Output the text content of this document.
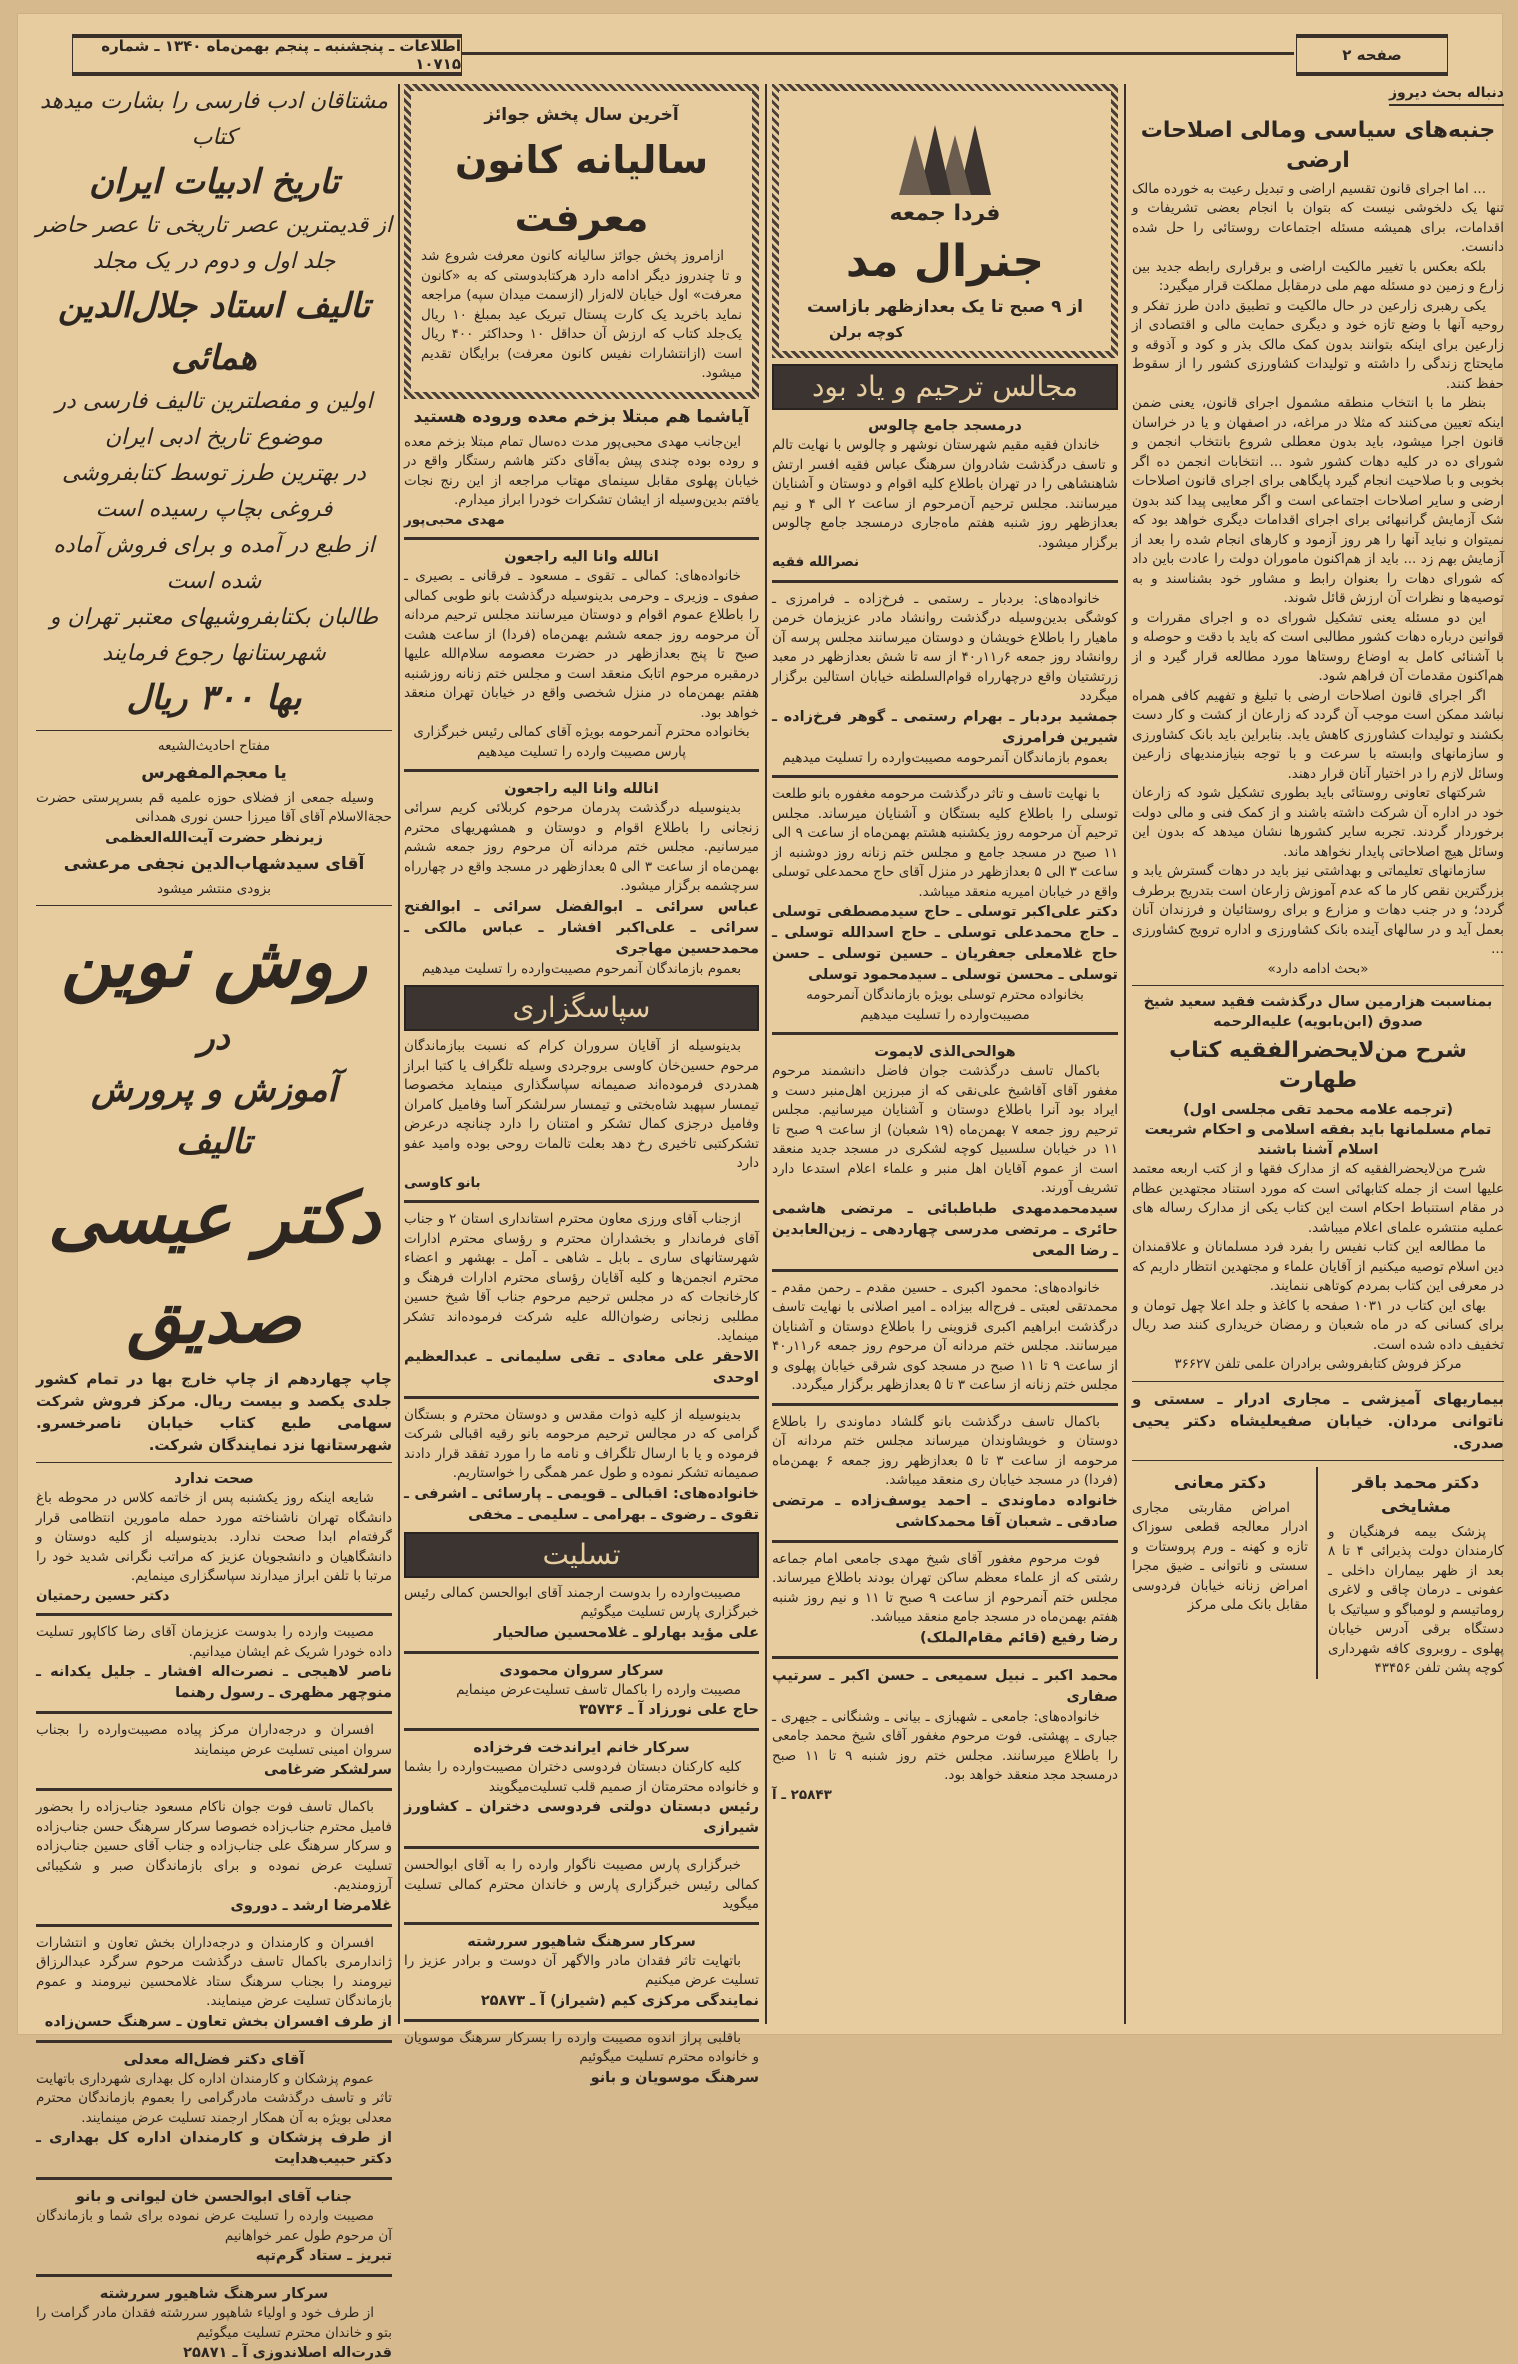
اطلاعات ـ پنجشنبه ـ پنجم بهمن‌ماه ۱۳۴۰ ـ شماره ۱۰۷۱۵	صفحه ۲
دنباله بحث دیروز
جنبه‌های سیاسی ومالی اصلاحات ارضی
... اما اجرای قانون تقسیم اراضی و تبدیل رعیت به خورده مالک تنها یک دلخوشی نیست که بتوان با انجام بعضی تشریفات و اقدامات، برای همیشه مسئله اجتماعات روستائی را حل شده دانست.
بلکه بعکس با تغییر مالکیت اراضی و برقراری رابطه جدید بین زارع و زمین دو مسئله مهم ملی درمقابل مملکت قرار میگیرد:
یکی رهبری زارعین در حال مالکیت و تطبیق دادن طرز تفکر و روحیه آنها با وضع تازه خود و دیگری حمایت مالی و اقتصادی از زارعین برای اینکه بتوانند بدون کمک مالک بذر و کود و آذوقه و مایحتاج زندگی را داشته و تولیدات کشاورزی کشور را از سقوط حفظ کنند.
بنظر ما با انتخاب منطقه مشمول اجرای قانون، یعنی ضمن اینکه تعیین می‌کنند که مثلا در مراغه، در اصفهان و یا در خراسان قانون اجرا میشود، باید بدون معطلی شروع بانتخاب انجمن و شورای ده در کلیه دهات کشور شود ... انتخابات انجمن ده اگر بخوبی و با صلاحیت انجام گیرد پایگاهی برای اجرای قانون اصلاحات ارضی و سایر اصلاحات اجتماعی است و اگر معایبی پیدا کند بدون شک آزمایش گرانبهائی برای اجرای اقدامات دیگری خواهد بود که نمیتوان و نباید آنها را هر روز آزمود و کارهای انجام شده را بعد از آزمایش بهم زد ... باید از هم‌اکنون ماموران دولت را عادت باین داد که شورای دهات را بعنوان رابط و مشاور خود بشناسند و به توصیه‌ها و نظرات آن ارزش قائل شوند.
این دو مسئله یعنی تشکیل شورای ده و اجرای مقررات و قوانین درباره دهات کشور مطالبی است که باید با دقت و حوصله و با آشنائی کامل به اوضاع روستاها مورد مطالعه قرار گیرد و از هم‌اکنون مقدمات آن فراهم شود.
اگر اجرای قانون اصلاحات ارضی با تبلیغ و تفهیم کافی همراه نباشد ممکن است موجب آن گردد که زارعان از کشت و کار دست بکشند و تولیدات کشاورزی کاهش یابد. بنابراین باید بانک کشاورزی و سازمانهای وابسته با سرعت و با توجه بنیازمندیهای زارعین وسائل لازم را در اختیار آنان قرار دهند.
شرکتهای تعاونی روستائی باید بطوری تشکیل شود که زارعان خود در اداره آن شرکت داشته باشند و از کمک فنی و مالی دولت برخوردار گردند. تجربه سایر کشورها نشان میدهد که بدون این وسائل هیچ اصلاحاتی پایدار نخواهد ماند.
سازمانهای تعلیماتی و بهداشتی نیز باید در دهات گسترش یابد و بزرگترین نقص کار ما که عدم آموزش زارعان است بتدریج برطرف گردد؛ و در جنب دهات و مزارع و برای روستائیان و فرزندان آنان بعمل آید و در سالهای آینده بانک کشاورزی و اداره ترویج کشاورزی ...
«بحث ادامه دارد»
بمناسبت هزارمین سال درگذشت فقید سعید شیخ صدوق (ابن‌بابویه) علیه‌الرحمه
شرح من‌لایحضرالفقیه کتاب طهارت
(ترجمه علامه محمد تقی مجلسی اول)
تمام مسلمانها باید بفقه اسلامی و احکام شریعت اسلام آشنا باشند
شرح من‌لایحضرالفقیه که از مدارک فقها و از کتب اربعه معتمد علیها است از جمله کتابهائی است که مورد استناد مجتهدین عظام در مقام استنباط احکام است این کتاب یکی از مدارک رساله های عملیه منتشره علمای اعلام میباشد.
ما مطالعه این کتاب نفیس را بفرد فرد مسلمانان و علاقمندان دین اسلام توصیه میکنیم از آقایان علماء و مجتهدین انتظار داریم که در معرفی این کتاب بمردم کوتاهی ننمایند.
بهای این کتاب در ۱۰۳۱ صفحه با کاغذ و جلد اعلا چهل تومان و برای کسانی که در ماه شعبان و رمضان خریداری کنند صد ریال تخفیف داده شده است.
مرکز فروش کتابفروشی برادران علمی تلفن ۳۶۶۲۷
بیماریهای آمیزشی ـ مجاری ادرار ـ سستی و ناتوانی مردان. خیابان صفیعلیشاه دکتر یحیی صدری.
دکتر محمد باقر مشایخی
پزشک بیمه فرهنگیان و کارمندان دولت پذیرائی ۴ تا ۸ بعد از ظهر بیماران داخلی ـ عفونی ـ درمان چاقی و لاغری روماتیسم و لومباگو و سیاتیک با دستگاه برقی آدرس خیابان پهلوی ـ روبروی کافه شهرداری کوچه پشن تلفن ۴۳۴۵۶
دکتر معانی
امراض مقاربتی مجاری ادرار معالجه قطعی سوزاک تازه و کهنه ـ ورم پروستات و سستی و ناتوانی ـ ضیق مجرا امراض زنانه خیابان فردوسی مقابل بانک ملی مرکز
فردا جمعه
جنرال مد
از ۹ صبح تا یک بعدازظهر بازاست
کوچه برلن
مجالس ترحیم و یاد بود
درمسجد جامع چالوس
خاندان فقیه مقیم شهرستان نوشهر و چالوس با نهایت تالم و تاسف درگذشت شادروان سرهنگ عباس فقیه افسر ارتش شاهنشاهی را در تهران باطلاع کلیه اقوام و دوستان و آشنایان میرسانند. مجلس ترحیم آن‌مرحوم از ساعت ۲ الی ۴ و نیم بعدازظهر روز شنبه هفتم ماه‌جاری درمسجد جامع چالوس برگزار میشود.
نصرالله فقیه
خانواده‌های: بردبار ـ رستمی ـ فرخ‌زاده ـ فرامرزی ـ کوشگی بدین‌وسیله درگذشت روانشاد مادر عزیزمان خرمن ماهیار را باطلاع خویشان و دوستان میرسانند مجلس پرسه آن روانشاد روز جمعه ۶ر۱۱ر۴۰ از سه تا شش بعدازظهر در معبد زرتشتیان واقع درچهارراه قوام‌السلطنه خیابان استالین برگزار میگردد
جمشید بردبار ـ بهرام رستمی ـ گوهر فرخ‌زاده ـ شیرین فرامرزی
بعموم بازماندگان آنمرحومه مصیبت‌وارده را تسلیت میدهیم
با نهایت تاسف و تاثر درگذشت مرحومه مغفوره بانو طلعت توسلی را باطلاع کلیه بستگان و آشنایان میرساند. مجلس ترحیم آن مرحومه روز یکشنبه هشتم بهمن‌ماه از ساعت ۹ الی ۱۱ صبح در مسجد جامع و مجلس ختم زنانه روز دوشنبه از ساعت ۳ الی ۵ بعدازظهر در منزل آقای حاج محمدعلی توسلی واقع در خیابان امیریه منعقد میباشد.
دکتر علی‌اکبر توسلی ـ حاج سیدمصطفی توسلی ـ حاج محمدعلی توسلی ـ حاج اسدالله توسلی ـ حاج غلامعلی جعفریان ـ حسین توسلی ـ حسن توسلی ـ محسن توسلی ـ سیدمحمود توسلی
بخانواده محترم توسلی بویژه بازماندگان آنمرحومه مصیبت‌وارده را تسلیت میدهیم
هوالحی‌الذی لایموت
باکمال تاسف درگذشت جوان فاضل دانشمند مرحوم مغفور آقای آقاشیخ علی‌نقی که از مبرزین اهل‌منبر دست و ایراد بود آنرا باطلاع دوستان و آشنایان میرسانیم. مجلس ترحیم روز جمعه ۷ بهمن‌ماه (۱۹ شعبان) از ساعت ۹ صبح تا ۱۱ در خیابان سلسبیل کوچه لشکری در مسجد جدید منعقد است از عموم آقایان اهل منبر و علماء اعلام استدعا دارد تشریف آورند.
سیدمحمدمهدی طباطبائی ـ مرتضی هاشمی حائری ـ مرتضی مدرسی چهاردهی ـ زین‌العابدین ـ رضا المعی
خانواده‌های: محمود اکبری ـ حسین مقدم ـ رحمن مقدم ـ محمدتقی لعبتی ـ فرج‌اله بیزاده ـ امیر اصلانی با نهایت تاسف درگذشت ابراهیم اکبری قزوینی را باطلاع دوستان و آشنایان میرسانند. مجلس ختم مردانه آن مرحوم روز جمعه ۶ر۱۱ر۴۰ از ساعت ۹ تا ۱۱ صبح در مسجد کوی شرقی خیابان پهلوی و مجلس ختم زنانه از ساعت ۳ تا ۵ بعدازظهر برگزار میگردد.
باکمال تاسف درگذشت بانو گلشاد دماوندی را باطلاع دوستان و خویشاوندان میرساند مجلس ختم مردانه آن مرحومه از ساعت ۳ تا ۵ بعدازظهر روز جمعه ۶ بهمن‌ماه (فردا) در مسجد خیابان ری منعقد میباشد.
خانواده دماوندی ـ احمد یوسف‌زاده ـ مرتضی صادقی ـ شعبان آقا محمدکاشی
فوت مرحوم مغفور آقای شیخ مهدی جامعی امام جماعه رشتی که از علماء معظم ساکن تهران بودند باطلاع میرساند. مجلس ختم آنمرحوم از ساعت ۹ صبح تا ۱۱ و نیم روز شنبه هفتم بهمن‌ماه در مسجد جامع منعقد میباشد.
رضا رفیع (قائم مقام‌الملک)
محمد اکبر ـ نبیل سمیعی ـ حسن اکبر ـ سرتیپ صفاری
خانواده‌های: جامعی ـ شهبازی ـ بیانی ـ وشنگانی ـ جیهری ـ جباری ـ پهشتی. فوت مرحوم مغفور آقای شیخ محمد جامعی را باطلاع میرسانند. مجلس ختم روز شنبه ۹ تا ۱۱ صبح درمسجد مجد منعقد خواهد بود.
۲۵۸۴۳ ـ آ
آخرین سال پخش جوائز
سالیانه کانون معرفت
ازامروز پخش جوائز سالیانه کانون معرفت شروع شد و تا چندروز دیگر ادامه دارد هرکتابدوستی که به «کانون معرفت» اول خیابان لاله‌زار (ازسمت میدان سپه) مراجعه نماید باخرید یک کارت پستال تبریک عید بمبلغ ۱۰ ریال یک‌جلد کتاب که ارزش آن حداقل ۱۰ وحداکثر ۴۰۰ ریال است (ازانتشارات نفیس کانون معرفت) برایگان تقدیم میشود.
آیاشما هم مبتلا بزخم معده وروده هستید
این‌جانب مهدی محبی‌پور مدت ده‌سال تمام مبتلا بزخم معده و روده بوده چندی پیش به‌آقای دکتر هاشم رستگار واقع در خیابان پهلوی مقابل سینمای مهتاب مراجعه از این رنج نجات یافتم بدین‌وسیله از ایشان تشکرات خودرا ابراز میدارم.
مهدی محبی‌پور
انالله وانا الیه راجعون
خانواده‌های: کمالی ـ تقوی ـ مسعود ـ فرقانی ـ بصیری ـ صفوی ـ وزیری ـ وحرمی بدینوسیله درگذشت بانو طوبی کمالی را باطلاع عموم اقوام و دوستان میرسانند مجلس ترحیم مردانه آن مرحومه روز جمعه ششم بهمن‌ماه (فردا) از ساعت هشت صبح تا پنج بعدازظهر در حضرت معصومه سلام‌الله علیها درمقبره مرحوم اتابک منعقد است و مجلس ختم زنانه روزشنبه هفتم بهمن‌ماه در منزل شخصی واقع در خیابان تهران منعقد خواهد بود.
بخانواده محترم آنمرحومه بویژه آقای کمالی رئیس خبرگزاری پارس مصیبت وارده را تسلیت میدهیم
انالله وانا الیه راجعون
بدینوسیله درگذشت پدرمان مرحوم کربلائی کریم سرائی زنجانی را باطلاع اقوام و دوستان و همشهریهای محترم میرسانیم. مجلس ختم مردانه آن مرحوم روز جمعه ششم بهمن‌ماه از ساعت ۳ الی ۵ بعدازظهر در مسجد واقع در چهارراه سرچشمه برگزار میشود.
عباس سرائی ـ ابوالفضل سرائی ـ ابوالفتح سرائی ـ علی‌اکبر افشار ـ عباس مالکی ـ محمدحسین مهاجری
بعموم بازماندگان آنمرحوم مصیبت‌وارده را تسلیت میدهیم
سپاسگزاری
بدینوسیله از آقایان سروران کرام که نسبت ببازماندگان مرحوم حسین‌خان کاوسی بروجردی وسیله تلگراف یا کتبا ابراز همدردی فرموده‌اند صمیمانه سپاسگذاری مینماید مخصوصا تیمسار سپهبد شاه‌بختی و تیمسار سرلشکر آسا وفامیل کامران وفامیل درجزی کمال تشکر و امتنان را دارد چنانچه درعرض تشکرکتبی تاخیری رخ دهد بعلت تالمات روحی بوده وامید عفو دارد
بانو کاوسی
ازجناب آقای ورزی معاون محترم استانداری استان ۲ و جناب آقای فرماندار و بخشداران محترم و رؤسای محترم ادارات شهرستانهای ساری ـ بابل ـ شاهی ـ آمل ـ بهشهر و اعضاء محترم انجمن‌ها و کلیه آقایان رؤسای محترم ادارات فرهنگ و کارخانجات که در مجلس ترحیم مرحوم جناب آقا شیخ حسین مطلبی زنجانی رضوان‌الله علیه شرکت فرموده‌اند تشکر مینماید.
الاحقر علی معادی ـ تقی سلیمانی ـ عبدالعظیم اوحدی
بدینوسیله از کلیه ذوات مقدس و دوستان محترم و بستگان گرامی که در مجالس ترحیم مرحومه بانو رقیه اقبالی شرکت فرموده و یا با ارسال تلگراف و نامه ما را مورد تفقد قرار دادند صمیمانه تشکر نموده و طول عمر همگی را خواستاریم.
خانواده‌های: اقبالی ـ قویمی ـ پارسائی ـ اشرفی ـ تقوی ـ رضوی ـ بهرامی ـ سلیمی ـ مخفی
تسلیت
مصیبت‌وارده را بدوست ارجمند آقای ابوالحسن کمالی رئیس خبرگزاری پارس تسلیت میگوئیم
علی مؤید بهارلو ـ غلامحسین صالحیار
سرکار سروان محمودی
مصیبت وارده را باکمال تاسف تسلیت‌عرض مینمایم
حاج علی نورزاد آ ـ ۳۵۷۳۶
سرکار خانم ایراندخت فرخزاده
کلیه کارکنان دبستان فردوسی دختران مصیبت‌وارده را بشما و خانواده محترمتان از صمیم قلب تسلیت‌میگویند
رئیس دبستان دولتی فردوسی دختران ـ کشاورز شیرازی
خبرگزاری پارس مصیبت ناگوار وارده را به آقای ابوالحسن کمالی رئیس خبرگزاری پارس و خاندان محترم کمالی تسلیت میگوید
سرکار سرهنگ شاهیور سررشته
باتهایت تاثر فقدان مادر والاگهر آن دوست و برادر عزیز را تسلیت عرض میکنیم
نمایندگی مرکزی کیم (شیراز) آ ـ ۲۵۸۷۳
باقلبی پراز اندوه مصیبت وارده را بسرکار سرهنگ موسویان و خانواده محترم تسلیت میگوئیم
سرهنگ موسویان و بانو
مشتاقان ادب فارسی را بشارت میدهد
کتاب
تاریخ ادبیات ایران
از قدیمترین عصر تاریخی تا عصر حاضر
جلد اول و دوم در یک مجلد
تالیف استاد جلال‌الدین همائی
اولین و مفصلترین تالیف فارسی در موضوع تاریخ ادبی ایران
در بهترین طرز توسط کتابفروشی فروغی بچاپ رسیده است
از طبع در آمده و برای فروش آماده شده است
طالبان بکتابفروشیهای معتبر تهران و شهرستانها رجوع فرمایند
بها ۳۰۰ ریال
مفتاح احادیث‌الشیعه
یا معجم‌المفهرس
وسیله جمعی از فضلای حوزه علمیه قم بسرپرستی حضرت حجة‌الاسلام آقای آقا میرزا حسن نوری همدانی
زیرنظر حضرت آیت‌الله‌العظمی
آقای سیدشهاب‌الدین نجفی مرعشی
بزودی منتشر میشود
روش نوین
در
آموزش و پرورش
تالیف
دکتر عیسی صدیق
چاپ چهاردهم از چاپ خارج بها در تمام کشور جلدی یکصد و بیست ریال. مرکز فروش شرکت سهامی طبع کتاب خیابان ناصرخسرو. شهرستانها نزد نمایندگان شرکت.
صحت ندارد
شایعه اینکه روز یکشنبه پس از خاتمه کلاس در محوطه باغ دانشگاه تهران ناشناخته مورد حمله مامورین انتظامی قرار گرفته‌ام ابدا صحت ندارد. بدینوسیله از کلیه دوستان و دانشگاهیان و دانشجویان عزیز که مراتب نگرانی شدید خود را مرتبا با تلفن ابراز میدارند سپاسگزاری مینمایم.
دکتر حسین رحمتیان
مصیبت وارده را بدوست عزیزمان آقای رضا کاکاپور تسلیت داده خودرا شریک غم ایشان میدانیم.
ناصر لاهیجی ـ نصرت‌اله افشار ـ جلیل یکدانه ـ منوچهر مظهری ـ رسول رهنما
افسران و درجه‌داران مرکز پیاده مصیبت‌وارده را بجناب سروان امینی تسلیت عرض مینمایند
سرلشکر ضرغامی
باکمال تاسف فوت جوان ناکام مسعود جناب‌زاده را بحضور فامیل محترم جناب‌زاده خصوصا سرکار سرهنگ حسن جناب‌زاده و سرکار سرهنگ علی جناب‌زاده و جناب آقای حسین جناب‌زاده تسلیت عرض نموده و برای بازماندگان صبر و شکیبائی آرزومندیم.
غلامرضا ارشد ـ دوروی
افسران و کارمندان و درجه‌داران بخش تعاون و انتشارات ژاندارمری باکمال تاسف درگذشت مرحوم سرگرد عبدالرزاق نیرومند را بجناب سرهنگ ستاد غلامحسین نیرومند و عموم بازماندگان تسلیت عرض مینمایند.
از طرف افسران بخش تعاون ـ سرهنگ حسن‌زاده
آقای دکتر فضل‌اله معدلی
عموم پزشکان و کارمندان اداره کل بهداری شهرداری باتهایت تاثر و تاسف درگذشت مادرگرامی را بعموم بازماندگان محترم معدلی بویژه به آن همکار ارجمند تسلیت عرض مینمایند.
از طرف پزشکان و کارمندان اداره کل بهداری ـ دکتر حبیب‌هدایت
جناب آقای ابوالحسن خان لیوانی و بانو
مصیبت وارده را تسلیت عرض نموده برای شما و بازماندگان آن مرحوم طول عمر خواهانیم
تبریز ـ ستاد گرم‌تپه
سرکار سرهنگ شاهیور سررشته
از طرف خود و اولیاء شاهپور سررشته فقدان مادر گرامت را بتو و خاندان محترم تسلیت میگوئیم
قدرت‌اله اصلاندوزی آ ـ ۲۵۸۷۱
